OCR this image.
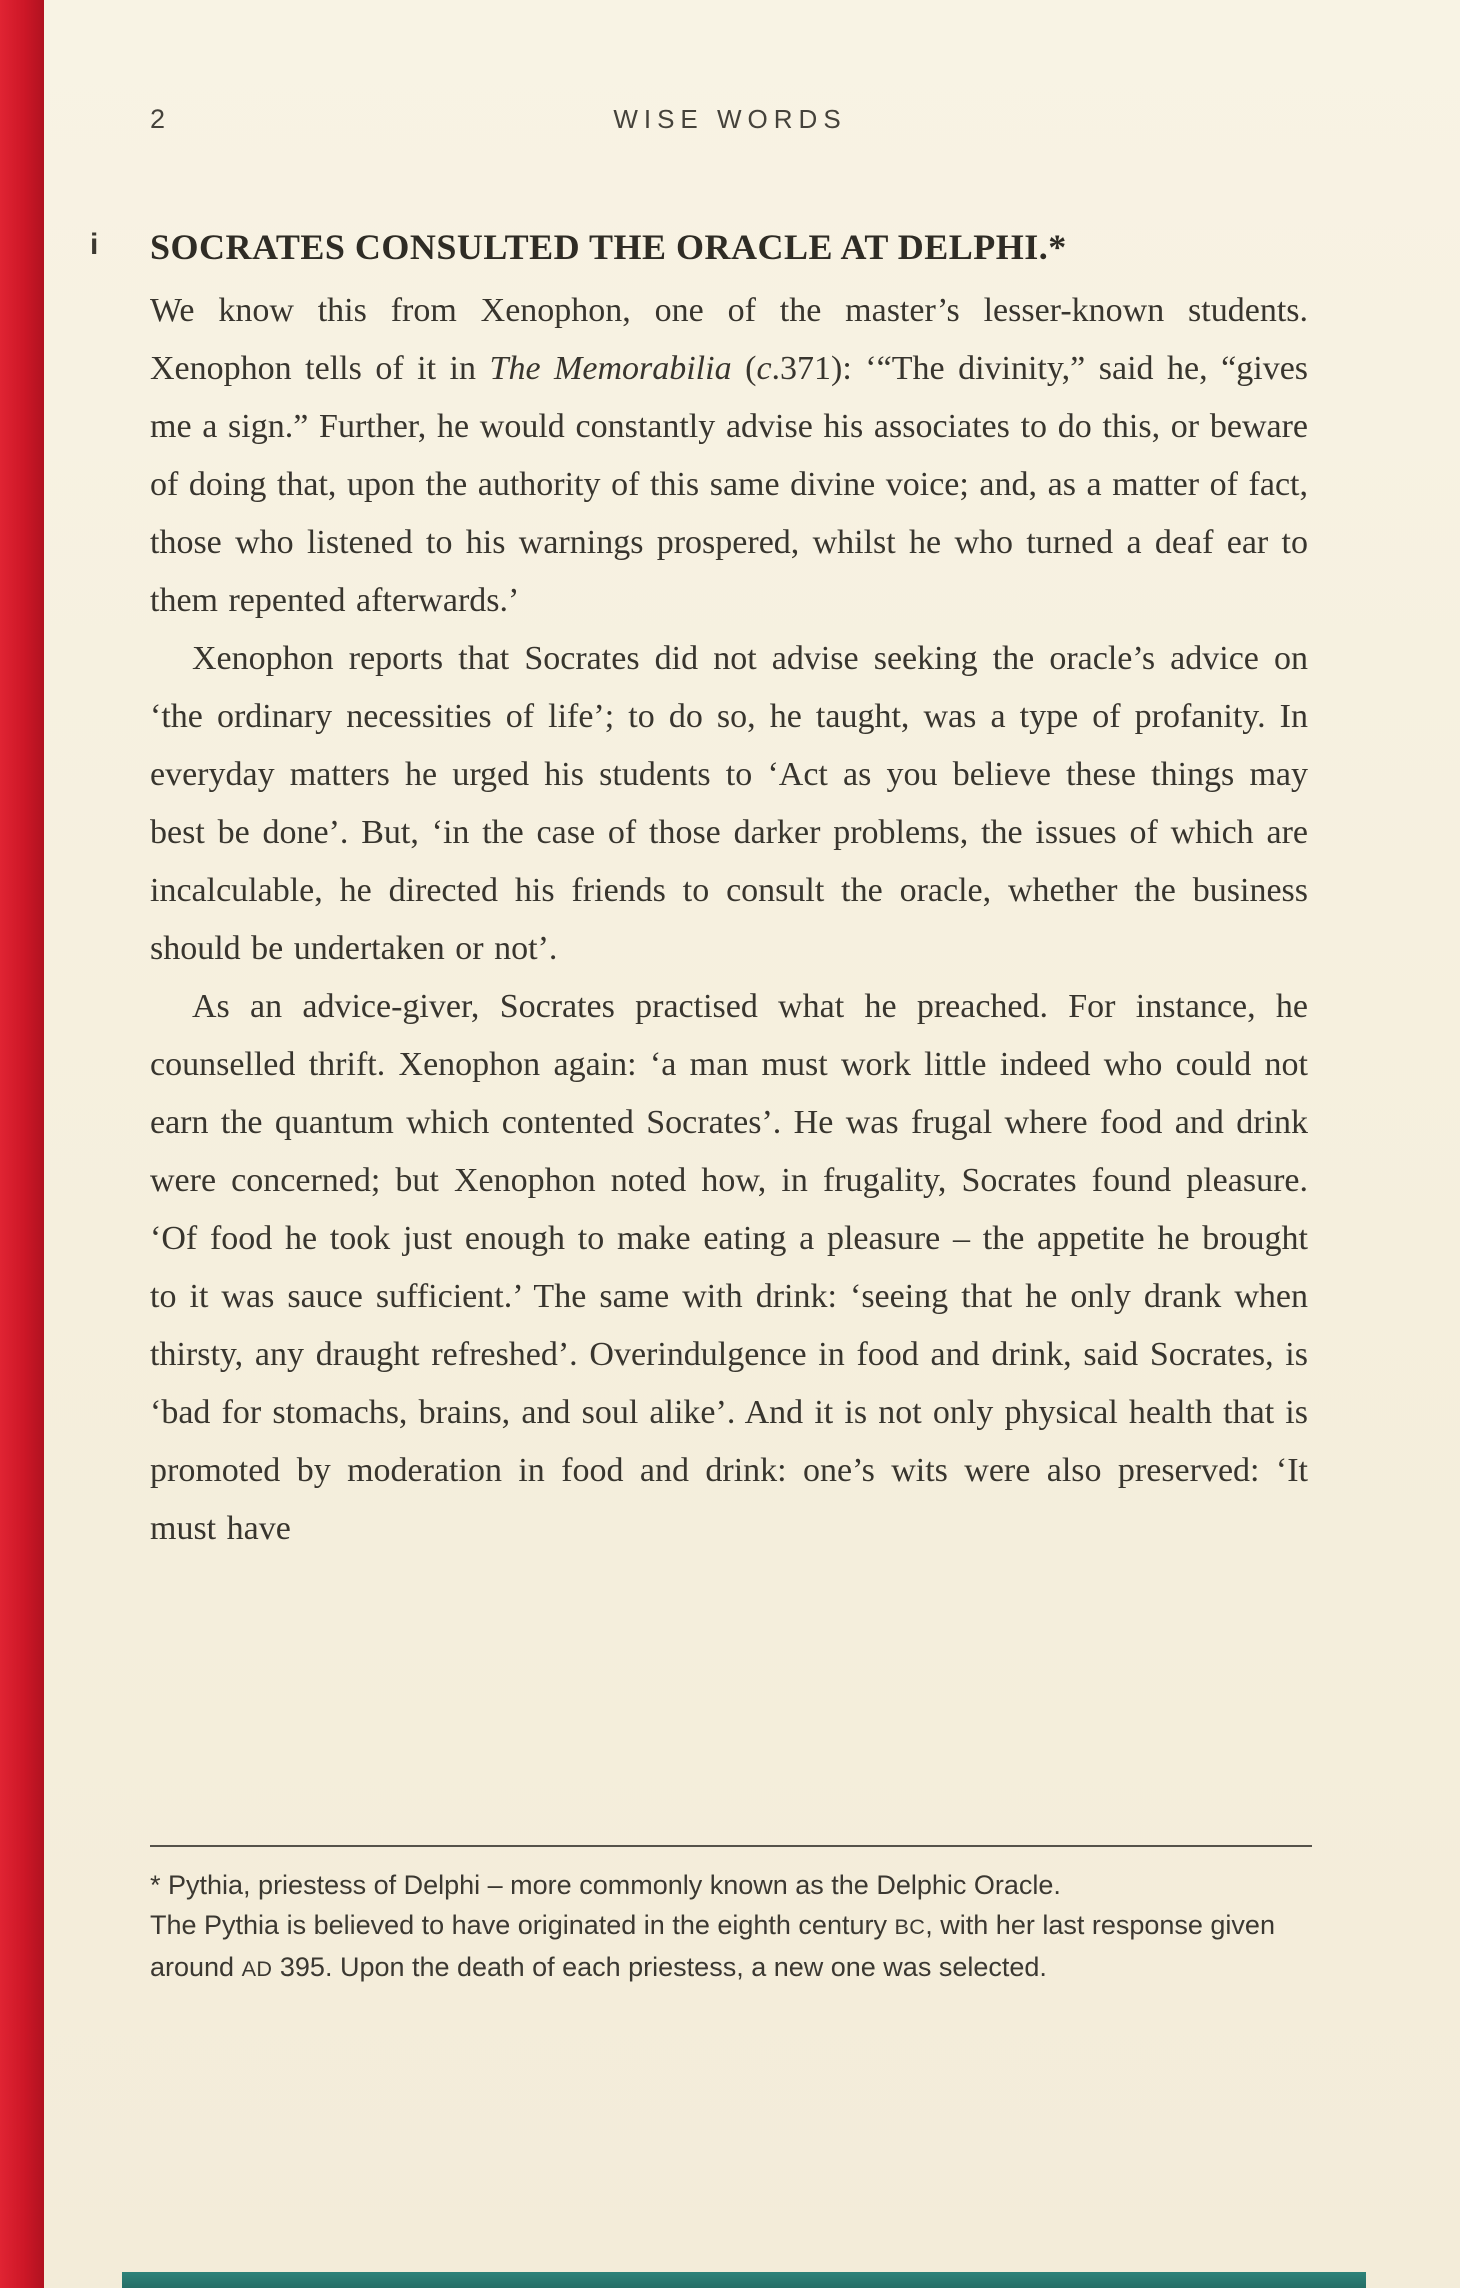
2	WISE WORDS
i SOCRATES CONSULTED THE ORACLE AT DELPHI.*

We know this from Xenophon, one of the master’s lesser-known students. Xenophon tells of it in The Memorabilia (c.371): ‘“The divinity,” said he, “gives me a sign.” Further, he would constantly advise his associates to do this, or beware of doing that, upon the authority of this same divine voice; and, as a matter of fact, those who listened to his warnings prospered, whilst he who turned a deaf ear to them repented afterwards.’

Xenophon reports that Socrates did not advise seeking the oracle’s advice on ‘the ordinary necessities of life’; to do so, he taught, was a type of profanity. In everyday matters he urged his students to ‘Act as you believe these things may best be done’. But, ‘in the case of those darker problems, the issues of which are incalculable, he directed his friends to consult the oracle, whether the business should be undertaken or not’.

As an advice-giver, Socrates practised what he preached. For instance, he counselled thrift. Xenophon again: ‘a man must work little indeed who could not earn the quantum which contented Socrates’. He was frugal where food and drink were concerned; but Xenophon noted how, in frugality, Socrates found pleasure. ‘Of food he took just enough to make eating a pleasure – the appetite he brought to it was sauce sufficient.’ The same with drink: ‘seeing that he only drank when thirsty, any draught refreshed’. Overindulgence in food and drink, said Socrates, is ‘bad for stomachs, brains, and soul alike’. And it is not only physical health that is promoted by moderation in food and drink: one’s wits were also preserved: ‘It must have

* Pythia, priestess of Delphi – more commonly known as the Delphic Oracle.

The Pythia is believed to have originated in the eighth century BC, with her last response given around AD 395. Upon the death of each priestess, a new one was selected.
